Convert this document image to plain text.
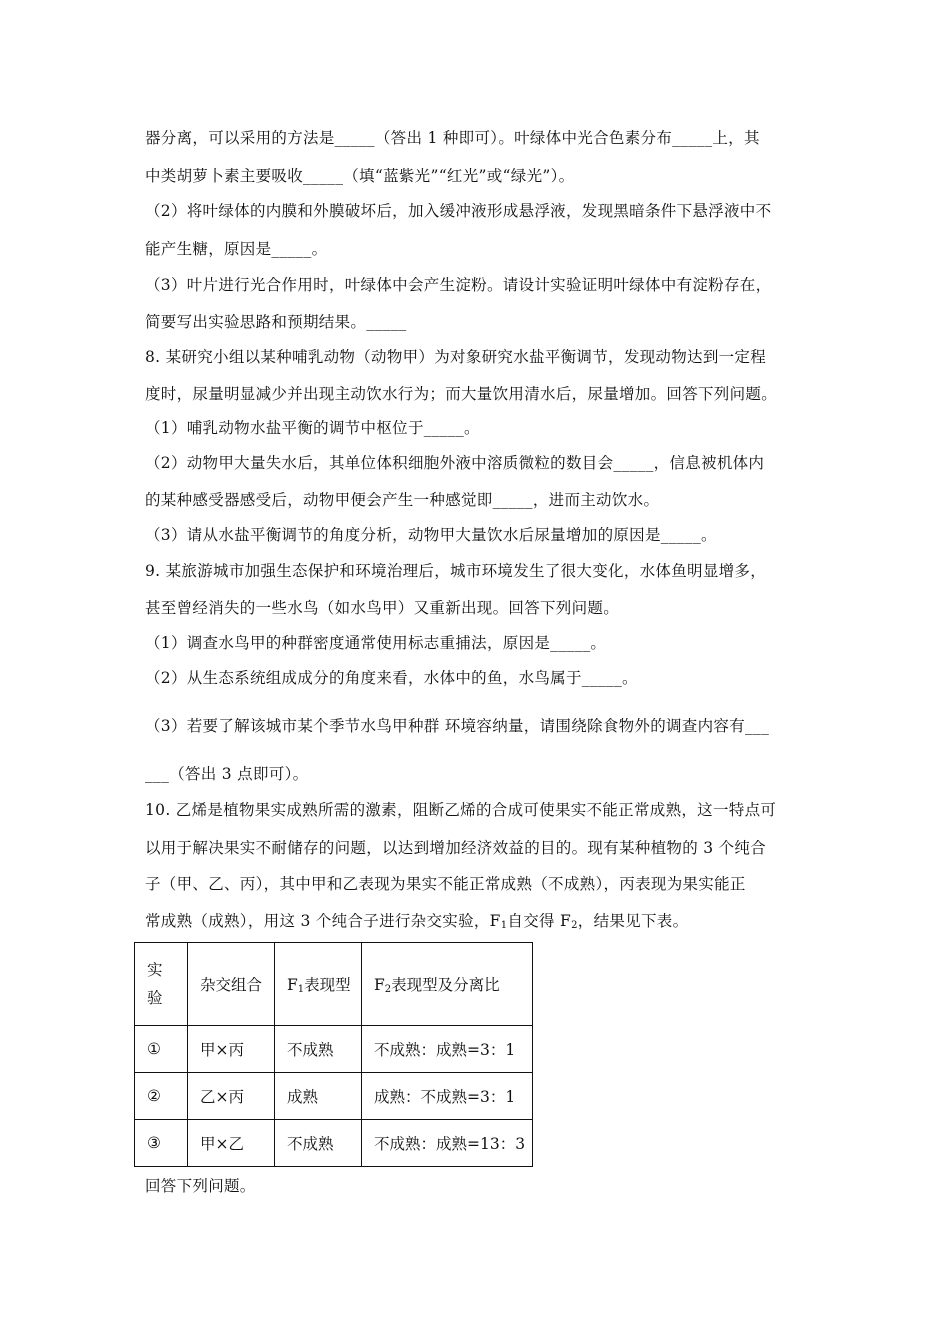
器分离，可以采用的方法是_____（答出 1 种即可）。叶绿体中光合色素分布_____上，其
中类胡萝卜素主要吸收_____（填“蓝紫光”“红光”或“绿光”）。
（2）将叶绿体的内膜和外膜破坏后，加入缓冲液形成悬浮液，发现黑暗条件下悬浮液中不
能产生糖，原因是_____。
（3）叶片进行光合作用时，叶绿体中会产生淀粉。请设计实验证明叶绿体中有淀粉存在，
简要写出实验思路和预期结果。_____
8. 某研究小组以某种哺乳动物（动物甲）为对象研究水盐平衡调节，发现动物达到一定程
度时，尿量明显减少并出现主动饮水行为；而大量饮用清水后，尿量增加。回答下列问题。
（1）哺乳动物水盐平衡的调节中枢位于_____。
（2）动物甲大量失水后，其单位体积细胞外液中溶质微粒的数目会_____，信息被机体内
的某种感受器感受后，动物甲便会产生一种感觉即_____，进而主动饮水。
（3）请从水盐平衡调节的角度分析，动物甲大量饮水后尿量增加的原因是_____。
9. 某旅游城市加强生态保护和环境治理后，城市环境发生了很大变化，水体鱼明显增多，
甚至曾经消失的一些水鸟（如水鸟甲）又重新出现。回答下列问题。
（1）调查水鸟甲的种群密度通常使用标志重捕法，原因是_____。
（2）从生态系统组成成分的角度来看，水体中的鱼，水鸟属于_____。
（3）若要了解该城市某个季节水鸟甲种群 环境容纳量，请围绕除食物外的调查内容有___
___（答出 3 点即可）。
10. 乙烯是植物果实成熟所需的激素，阻断乙烯的合成可使果实不能正常成熟，这一特点可
以用于解决果实不耐储存的问题，以达到增加经济效益的目的。现有某种植物的 3 个纯合
子（甲、乙、丙），其中甲和乙表现为果实不能正常成熟（不成熟），丙表现为果实能正
常成熟（成熟），用这 3 个纯合子进行杂交实验，$F_1$自交得 $F_2$，结果见下表。
实
验	杂交组合	$F_1$表现型	$F_2$表现型及分离比
①	甲×丙	不成熟	不成熟：成熟=3：1
②	乙×丙	成熟	成熟：不成熟=3：1
③	甲×乙	不成熟	不成熟：成熟=13：3
回答下列问题。
